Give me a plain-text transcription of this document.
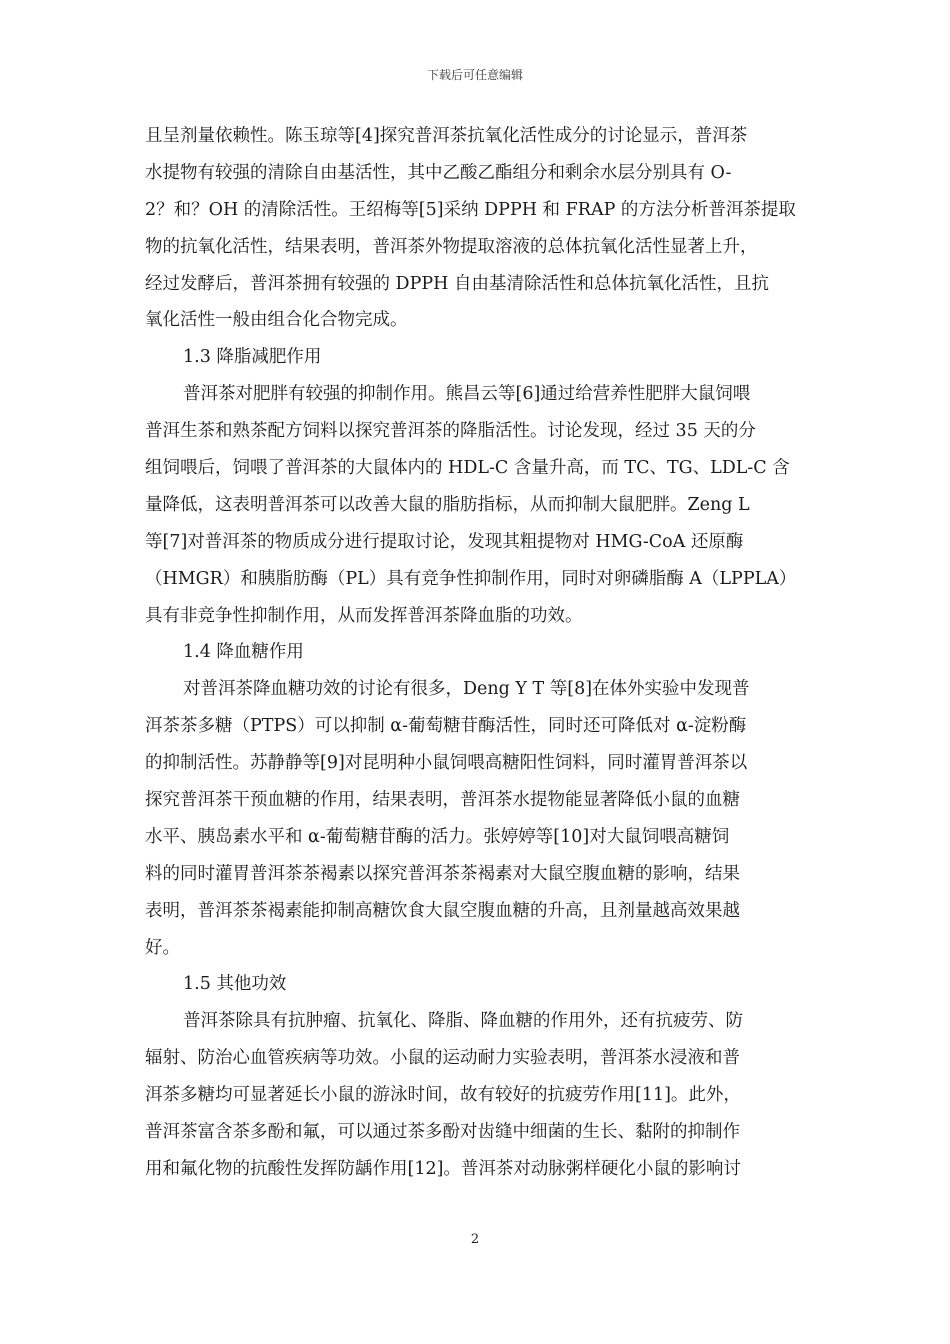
下载后可任意编辑
且呈剂量依赖性。陈玉琼等[4]探究普洱茶抗氧化活性成分的讨论显示，普洱茶
水提物有较强的清除自由基活性，其中乙酸乙酯组分和剩余水层分别具有 O-
2？和？OH 的清除活性。王绍梅等[5]采纳 DPPH 和 FRAP 的方法分析普洱茶提取
物的抗氧化活性，结果表明，普洱茶外物提取溶液的总体抗氧化活性显著上升，
经过发酵后，普洱茶拥有较强的 DPPH 自由基清除活性和总体抗氧化活性，且抗
氧化活性一般由组合化合物完成。
1.3 降脂减肥作用
普洱茶对肥胖有较强的抑制作用。熊昌云等[6]通过给营养性肥胖大鼠饲喂
普洱生茶和熟茶配方饲料以探究普洱茶的降脂活性。讨论发现，经过 35 天的分
组饲喂后，饲喂了普洱茶的大鼠体内的 HDL-C 含量升高，而 TC、TG、LDL-C 含
量降低，这表明普洱茶可以改善大鼠的脂肪指标，从而抑制大鼠肥胖。Zeng L
等[7]对普洱茶的物质成分进行提取讨论，发现其粗提物对 HMG-CoA 还原酶
（HMGR）和胰脂肪酶（PL）具有竞争性抑制作用，同时对卵磷脂酶 A（LPPLA）
具有非竞争性抑制作用，从而发挥普洱茶降血脂的功效。
1.4 降血糖作用
对普洱茶降血糖功效的讨论有很多，Deng Y T 等[8]在体外实验中发现普
洱茶茶多糖（PTPS）可以抑制 α-葡萄糖苷酶活性，同时还可降低对 α-淀粉酶
的抑制活性。苏静静等[9]对昆明种小鼠饲喂高糖阳性饲料，同时灌胃普洱茶以
探究普洱茶干预血糖的作用，结果表明，普洱茶水提物能显著降低小鼠的血糖
水平、胰岛素水平和 α-葡萄糖苷酶的活力。张婷婷等[10]对大鼠饲喂高糖饲
料的同时灌胃普洱茶茶褐素以探究普洱茶茶褐素对大鼠空腹血糖的影响，结果
表明，普洱茶茶褐素能抑制高糖饮食大鼠空腹血糖的升高，且剂量越高效果越
好。
1.5 其他功效
普洱茶除具有抗肿瘤、抗氧化、降脂、降血糖的作用外，还有抗疲劳、防
辐射、防治心血管疾病等功效。小鼠的运动耐力实验表明，普洱茶水浸液和普
洱茶多糖均可显著延长小鼠的游泳时间，故有较好的抗疲劳作用[11]。此外，
普洱茶富含茶多酚和氟，可以通过茶多酚对齿缝中细菌的生长、黏附的抑制作
用和氟化物的抗酸性发挥防龋作用[12]。普洱茶对动脉粥样硬化小鼠的影响讨
2
